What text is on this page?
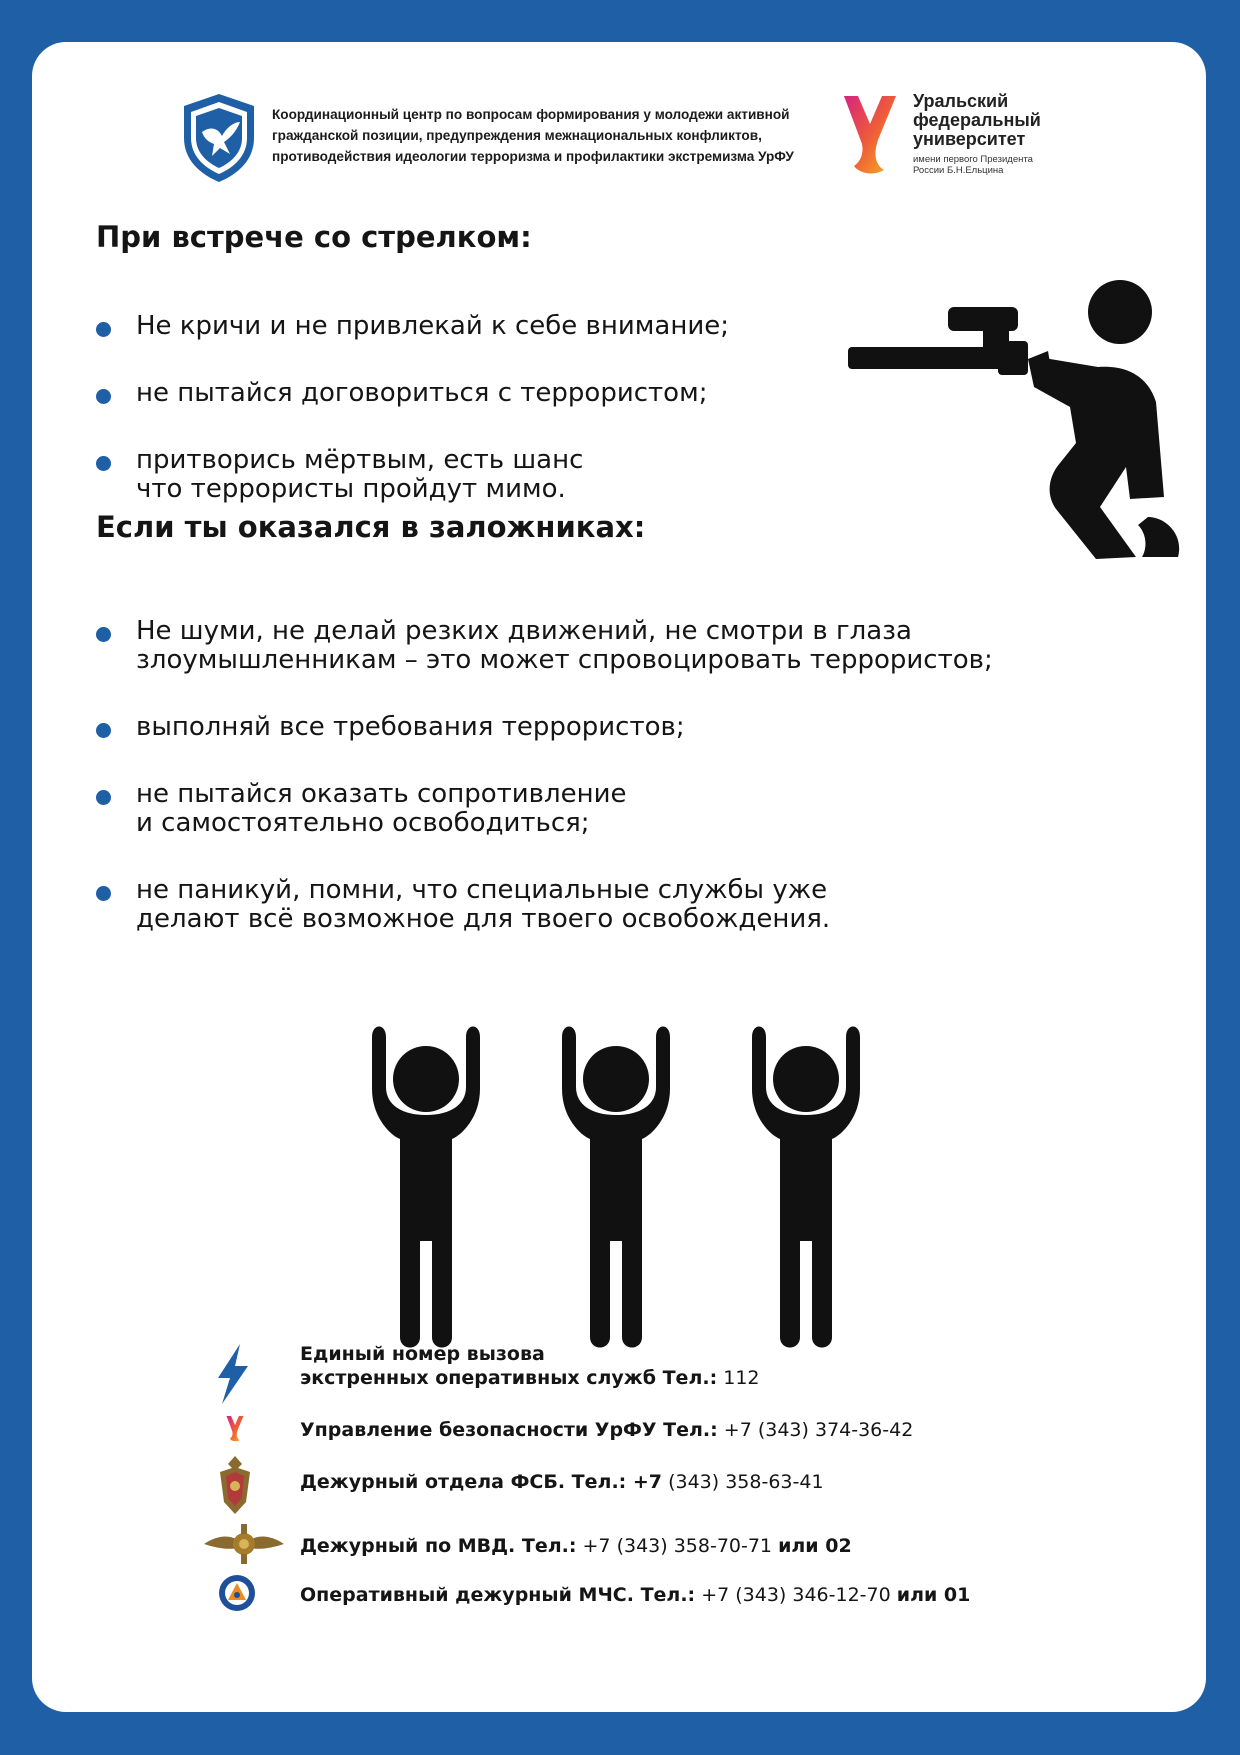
Координационный центр по вопросам формирования у молодежи активной
гражданской позиции, предупреждения межнациональных конфликтов,
противодействия идеологии терроризма и профилактики экстремизма УрФУ
Уральский
федеральный
университет
имени первого Президента
России Б.Н.Ельцина
При встрече со стрелком:
Не кричи и не привлекай к себе внимание;
не пытайся договориться с террористом;
притворись мёртвым, есть шанс
что террористы пройдут мимо.
Если ты оказался в заложниках:
Не шуми, не делай резких движений, не смотри в глаза
злоумышленникам – это может спровоцировать террористов;
выполняй все требования террористов;
не пытайся оказать сопротивление
и самостоятельно освободиться;
не паникуй, помни, что специальные службы уже
делают всё возможное для твоего освобождения.
Единый номер вызова
экстренных оперативных служб Тел.: 112
Управление безопасности УрФУ Тел.: +7 (343) 374-36-42
Дежурный отдела ФСБ. Тел.: +7 (343) 358-63-41
Дежурный по МВД. Тел.: +7 (343) 358-70-71 или 02
Оперативный дежурный МЧС. Тел.: +7 (343) 346-12-70 или 01
